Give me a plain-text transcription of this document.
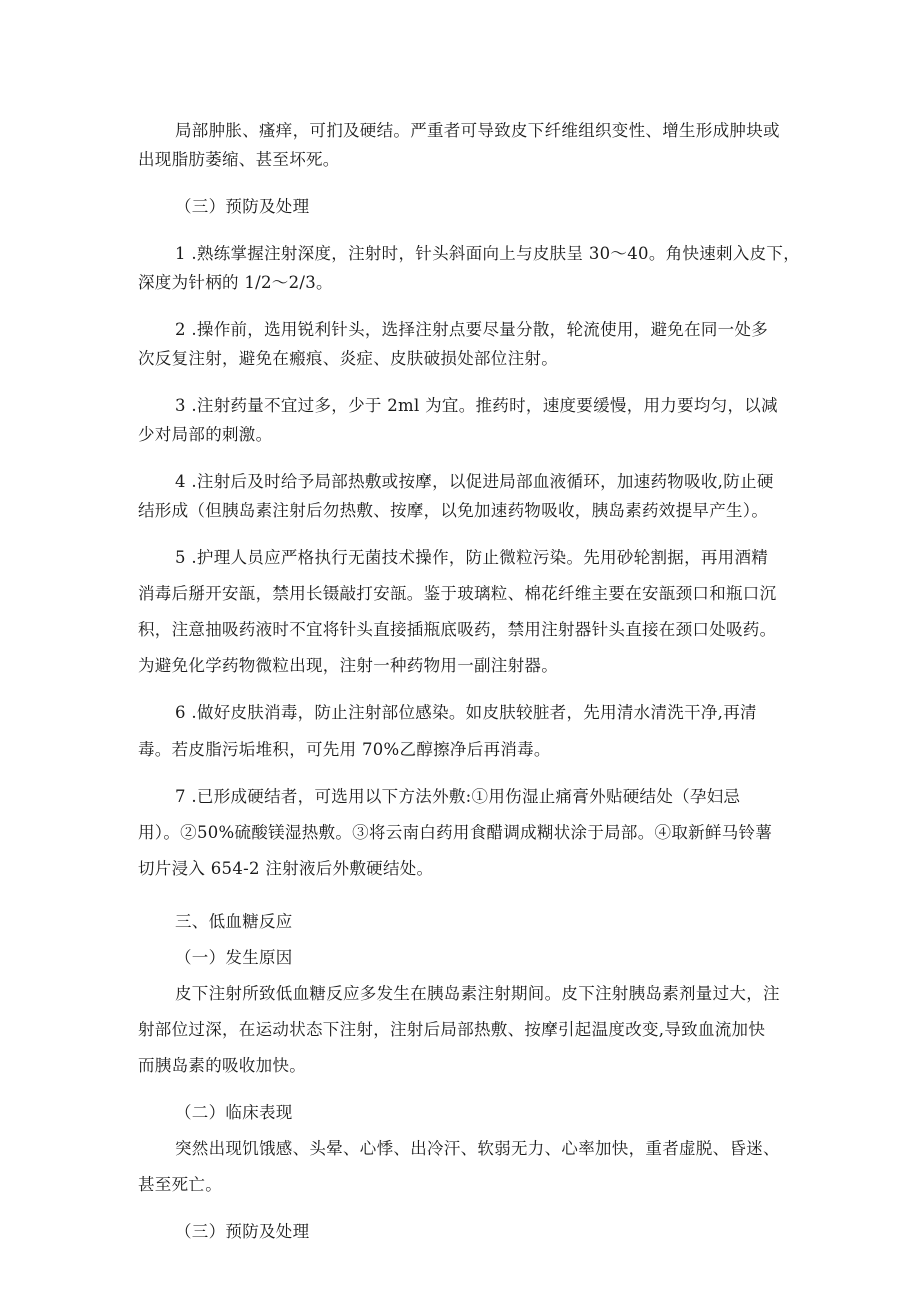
局部肿胀、瘙痒，可扪及硬结。严重者可导致皮下纤维组织变性、增生形成肿块或

出现脂肪萎缩、甚至坏死。

（三）预防及处理

1 .熟练掌握注射深度，注射时，针头斜面向上与皮肤呈 30～40。角快速刺入皮下，

深度为针柄的 1/2～2/3。

2 .操作前，选用锐利针头，选择注射点要尽量分散，轮流使用，避免在同一处多

次反复注射，避免在瘢痕、炎症、皮肤破损处部位注射。

3 .注射药量不宜过多，少于 2ml 为宜。推药时，速度要缓慢，用力要均匀，以减

少对局部的刺激。

4 .注射后及时给予局部热敷或按摩，以促进局部血液循环，加速药物吸收,防止硬

结形成（但胰岛素注射后勿热敷、按摩，以免加速药物吸收，胰岛素药效提早产生）。

5 .护理人员应严格执行无菌技术操作，防止微粒污染。先用砂轮割据，再用酒精

消毒后掰开安瓿，禁用长镊敲打安瓿。鉴于玻璃粒、棉花纤维主要在安瓿颈口和瓶口沉

积，注意抽吸药液时不宜将针头直接插瓶底吸药，禁用注射器针头直接在颈口处吸药。

为避免化学药物微粒出现，注射一种药物用一副注射器。

6 .做好皮肤消毒，防止注射部位感染。如皮肤较脏者，先用清水清洗干净,再清

毒。若皮脂污垢堆积，可先用 70%乙醇擦净后再消毒。

7 .已形成硬结者，可选用以下方法外敷:①用伤湿止痛膏外贴硬结处（孕妇忌

用）。②50%硫酸镁湿热敷。③将云南白药用食醋调成糊状涂于局部。④取新鲜马铃薯

切片浸入 654-2 注射液后外敷硬结处。

三、低血糖反应

（一）发生原因

皮下注射所致低血糖反应多发生在胰岛素注射期间。皮下注射胰岛素剂量过大，注

射部位过深，在运动状态下注射，注射后局部热敷、按摩引起温度改变,导致血流加快

而胰岛素的吸收加快。

（二）临床表现

突然出现饥饿感、头晕、心悸、出冷汗、软弱无力、心率加快，重者虚脱、昏迷、

甚至死亡。

（三）预防及处理
